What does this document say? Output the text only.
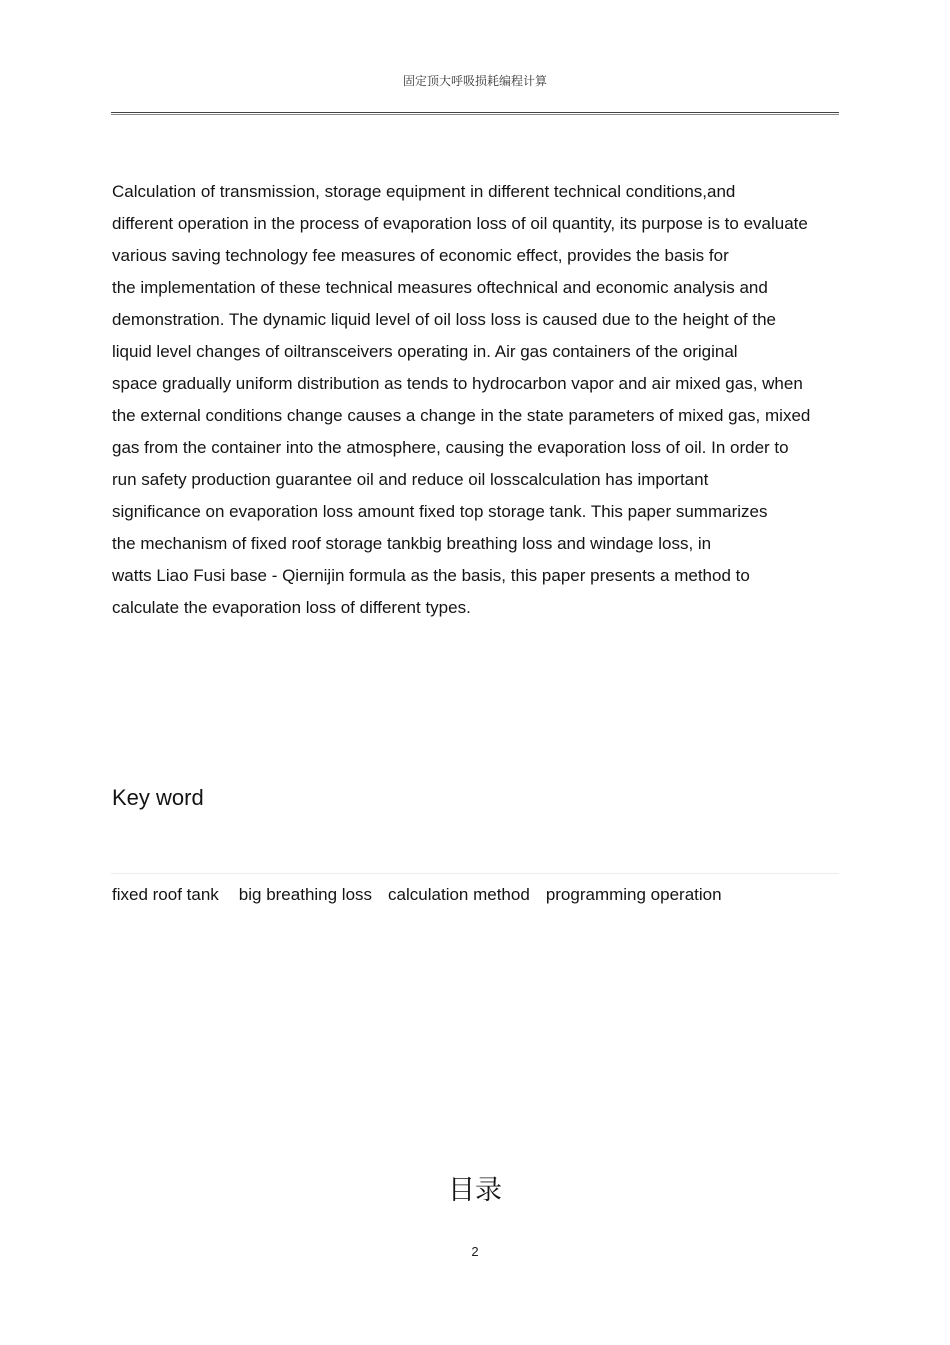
固定顶大呼吸损耗编程计算
Calculation of transmission, storage equipment in different technical conditions,and
different operation in the process of evaporation loss of oil quantity, its purpose is to evaluate
various saving technology fee measures of economic effect, provides the basis for
the implementation of these technical measures oftechnical and economic analysis and
demonstration. The dynamic liquid level of oil loss loss is caused due to the height of the
liquid level changes of oiltransceivers operating in. Air gas containers of the original
space gradually uniform distribution as tends to hydrocarbon vapor and air mixed gas, when
the external conditions change causes a change in the state parameters of mixed gas, mixed
gas from the container into the atmosphere, causing the evaporation loss of oil. In order to
run safety production guarantee oil and reduce oil losscalculation has important
significance on evaporation loss amount fixed top storage tank. This paper summarizes
the mechanism of fixed roof storage tankbig breathing loss and windage loss, in
watts Liao Fusi base - Qiernijin formula as the basis, this paper presents a method to
calculate the evaporation loss of different types.
Key word
fixed roof tank big breathing loss calculation method programming operation
目录
2
